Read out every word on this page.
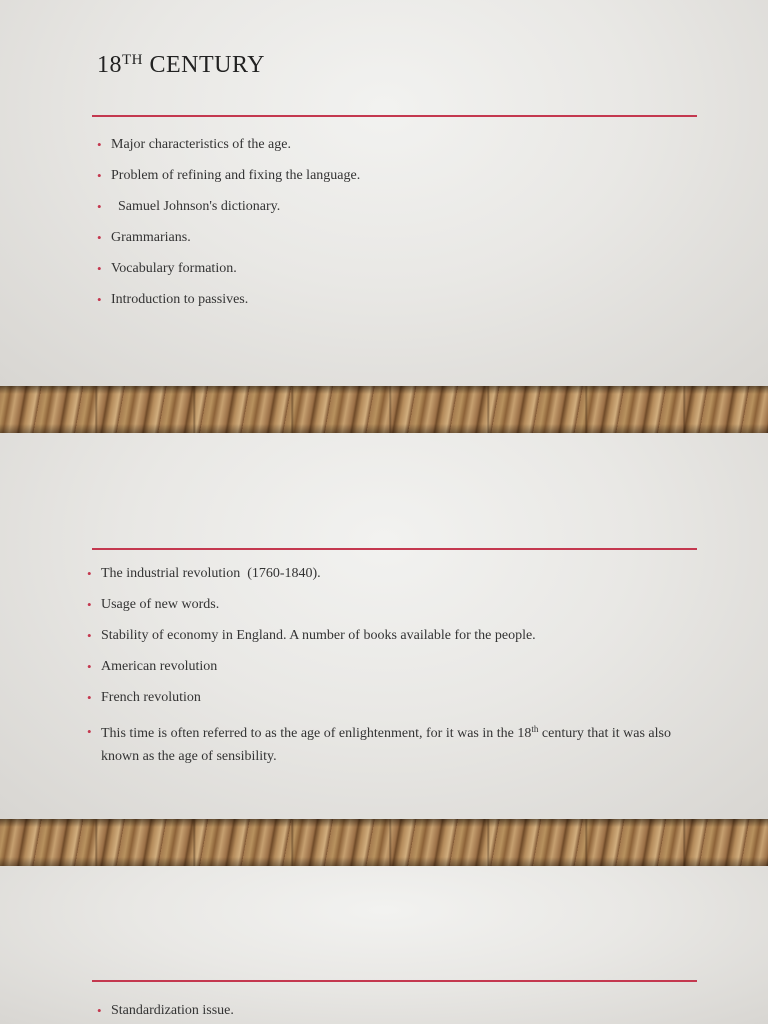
18TH CENTURY
• Major characteristics of the age.
• Problem of refining and fixing the language.
• Samuel Johnson's dictionary.
• Grammarians.
• Vocabulary formation.
• Introduction to passives.
• The industrial revolution  (1760-1840).
• Usage of new words.
• Stability of economy in England. A number of books available for the people.
• American revolution
• French revolution
• This time is often referred to as the age of enlightenment, for it was in the 18th century that it was also known as the age of sensibility.
• Standardization issue.
